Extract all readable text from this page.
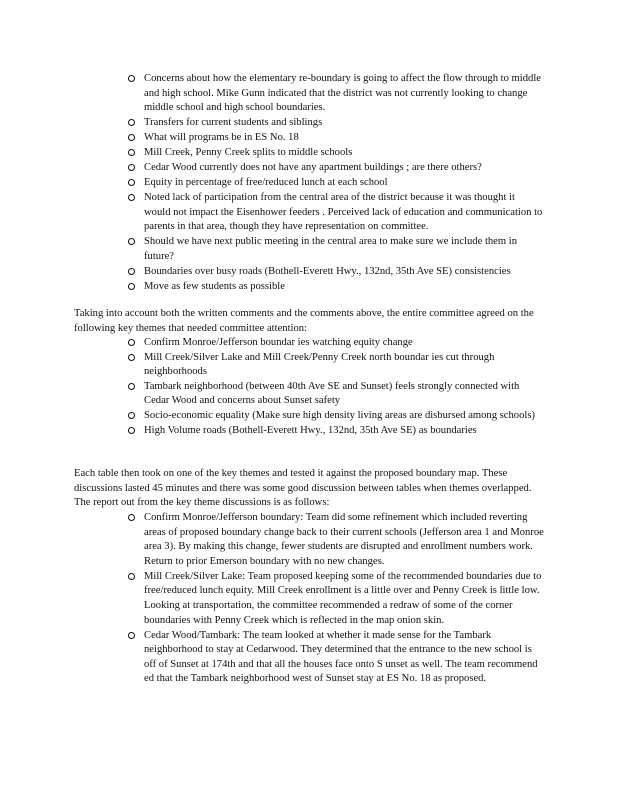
Concerns about how the elementary re-boundary is going to affect the flow through to middle and high school. Mike Gunn indicated that the district was not currently looking to change middle school and high school boundaries.
Transfers for current students and siblings
What will programs be in ES No. 18
Mill Creek, Penny Creek splits to middle schools
Cedar Wood currently does not have any apartment buildings ; are there others?
Equity in percentage of free/reduced lunch at each school
Noted lack of participation from the central area of the district because it was thought it would not impact the Eisenhower feeders . Perceived lack of education and communication to parents in that area, though they have representation on committee.
Should we have next public meeting in the central area to make sure we include them in future?
Boundaries over busy roads (Bothell-Everett Hwy., 132nd, 35th Ave SE) consistencies
Move as few students as possible
Taking into account both the written comments and the comments above, the entire committee agreed on the following key themes that needed committee attention:
Confirm Monroe/Jefferson boundar ies watching equity change
Mill Creek/Silver Lake and Mill Creek/Penny Creek north boundar ies cut through neighborhoods
Tambark neighborhood (between 40th Ave SE and Sunset) feels strongly connected with Cedar Wood and concerns about Sunset safety
Socio-economic equality (Make sure high density living areas are disbursed among schools)
High Volume roads (Bothell-Everett Hwy., 132nd, 35th Ave SE) as boundaries
Each table then took on one of the key themes and tested it against the proposed boundary map. These discussions lasted 45 minutes and there was some good discussion between tables when themes overlapped. The report out from the key theme discussions is as follows:
Confirm Monroe/Jefferson boundary: Team did some refinement which included reverting areas of proposed boundary change back to their current schools (Jefferson area 1 and Monroe area 3). By making this change, fewer students are disrupted and enrollment numbers work. Return to prior Emerson boundary with no new changes.
Mill Creek/Silver Lake: Team proposed keeping some of the recommended boundaries due to free/reduced lunch equity. Mill Creek enrollment is a little over and Penny Creek is little low. Looking at transportation, the committee recommended a redraw of some of the corner boundaries with Penny Creek which is reflected in the map onion skin.
Cedar Wood/Tambark: The team looked at whether it made sense for the Tambark neighborhood to stay at Cedarwood. They determined that the entrance to the new school is off of Sunset at 174th and that all the houses face onto S unset as well. The team recommend ed that the Tambark neighborhood west of Sunset stay at ES No. 18 as proposed.
